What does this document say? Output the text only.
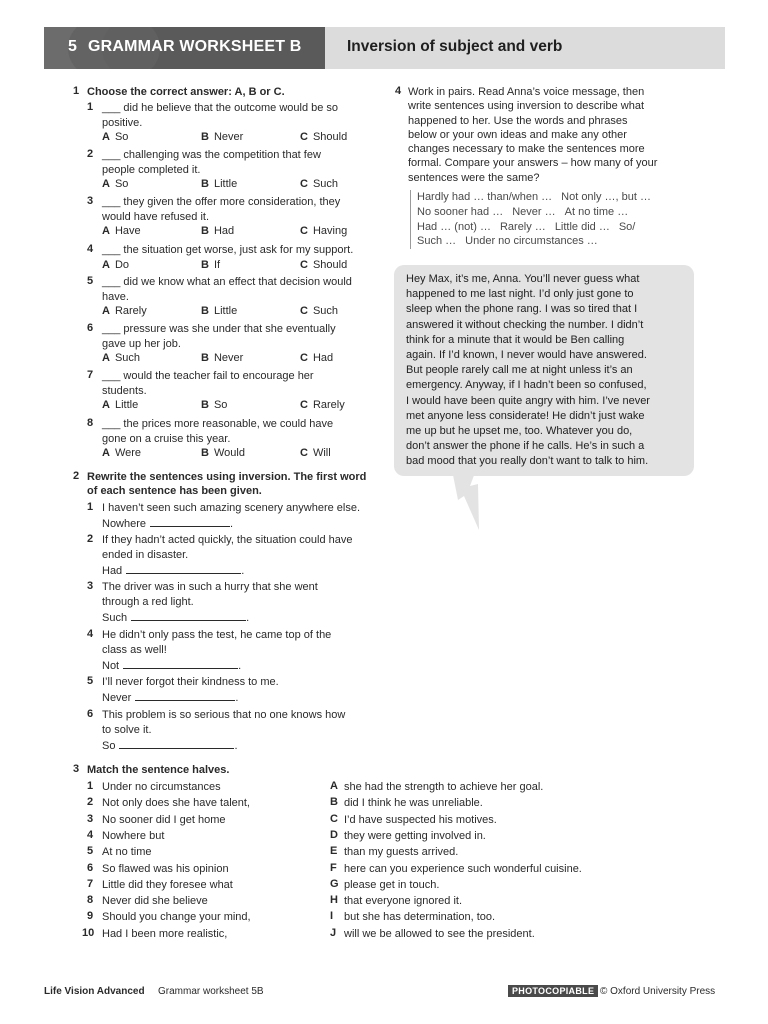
5 GRAMMAR WORKSHEET B	Inversion of subject and verb
1 Choose the correct answer: A, B or C.
1 ___ did he believe that the outcome would be so
positive.
A So	B Never	C Should
2 ___ challenging was the competition that few
people completed it.
A So	B Little	C Such
3 ___ they given the offer more consideration, they
would have refused it.
A Have	B Had	C Having
4 ___ the situation get worse, just ask for my support.
A Do	B If	C Should
5 ___ did we know what an effect that decision would
have.
A Rarely	B Little	C Such
6 ___ pressure was she under that she eventually
gave up her job.
A Such	B Never	C Had
7 ___ would the teacher fail to encourage her
students.
A Little	B So	C Rarely
8 ___ the prices more reasonable, we could have
gone on a cruise this year.
A Were	B Would	C Will
2 Rewrite the sentences using inversion. The first word
of each sentence has been given.
1 I haven’t seen such amazing scenery anywhere else.
Nowhere	.
2 If they hadn’t acted quickly, the situation could have
ended in disaster.
Had	.
3 The driver was in such a hurry that she went
through a red light.
Such	.
4 He didn’t only pass the test, he came top of the
class as well!
Not	.
5 I’ll never forgot their kindness to me.
Never	.
6 This problem is so serious that no one knows how
to solve it.
So	.
3 Match the sentence halves.
1 Under no circumstances	A she had the strength to achieve her goal.
2 Not only does she have talent,	B did I think he was unreliable.
3 No sooner did I get home	C I’d have suspected his motives.
4 Nowhere but	D they were getting involved in.
5 At no time	E than my guests arrived.
6 So flawed was his opinion	F here can you experience such wonderful cuisine.
7 Little did they foresee what	G please get in touch.
8 Never did she believe	H that everyone ignored it.
9 Should you change your mind,	I but she has determination, too.
10 Had I been more realistic,	J will we be allowed to see the president.
4 Work in pairs. Read Anna’s voice message, then
write sentences using inversion to describe what
happened to her. Use the words and phrases
below or your own ideas and make any other
changes necessary to make the sentences more
formal. Compare your answers – how many of your
sentences were the same?
Hardly had … than/when … Not only …, but …
No sooner had … Never … At no time …
Had … (not) … Rarely … Little did … So/
Such … Under no circumstances …
Hey Max, it’s me, Anna. You’ll never guess what
happened to me last night. I’d only just gone to
sleep when the phone rang. I was so tired that I
answered it without checking the number. I didn’t
think for a minute that it would be Ben calling
again. If I’d known, I never would have answered.
But people rarely call me at night unless it’s an
emergency. Anyway, if I hadn’t been so confused,
I would have been quite angry with him. I’ve never
met anyone less considerate! He didn’t just wake
me up but he upset me, too. Whatever you do,
don’t answer the phone if he calls. He’s in such a
bad mood that you really don’t want to talk to him.
Life Vision Advanced Grammar worksheet 5B	PHOTOCOPIABLE © Oxford University Press
